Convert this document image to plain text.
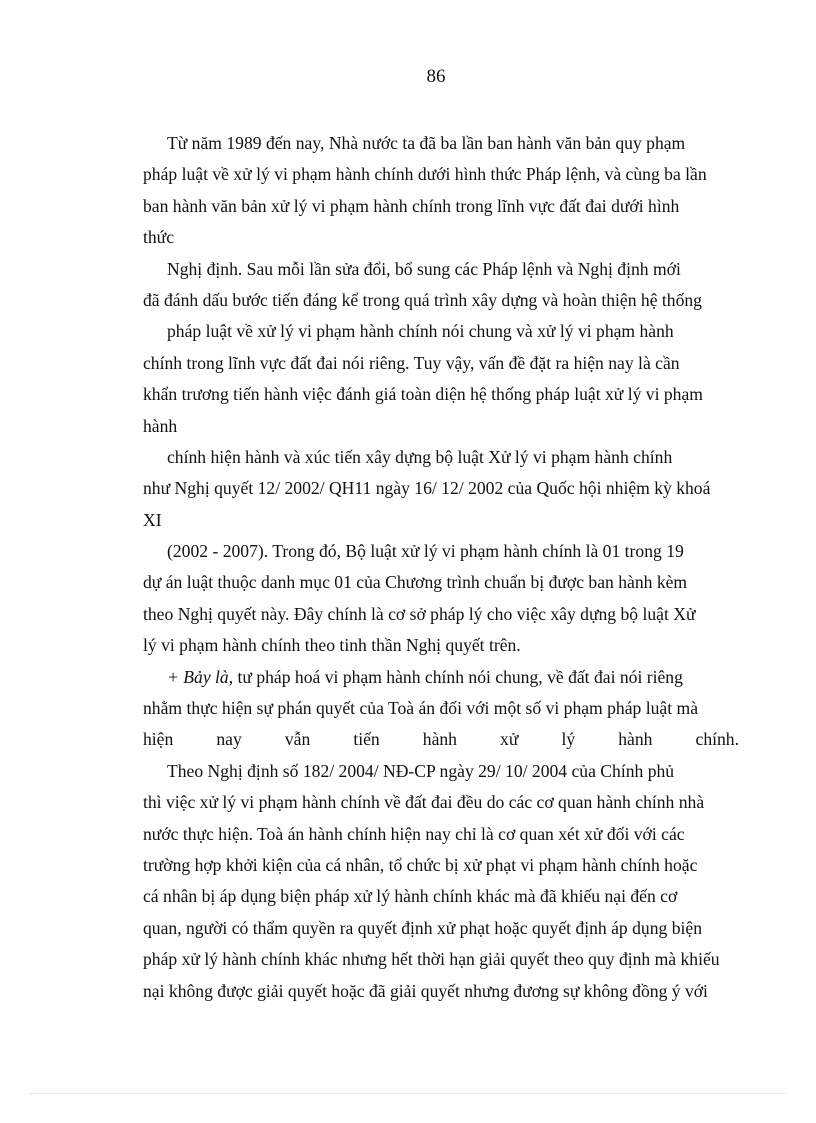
86
Từ năm 1989 đến nay, Nhà nước ta đã ba lần ban hành văn bản quy phạm
pháp luật về xử lý vi phạm hành chính dưới hình thức Pháp lệnh, và cùng ba lần
ban hành văn bản xử lý vi phạm hành chính trong lĩnh vực đất đai dưới hình
thức
Nghị định. Sau mỗi lần sửa đổi, bổ sung các Pháp lệnh và Nghị định mới
đã đánh dấu bước tiến đáng kể trong quá trình xây dựng và hoàn thiện hệ thống
pháp luật về xử lý vi phạm hành chính nói chung và xử lý vi phạm hành
chính trong lĩnh vực đất đai nói riêng. Tuy vậy, vấn đề đặt ra hiện nay là cần
khẩn trương tiến hành việc đánh giá toàn diện hệ thống pháp luật xử lý vi phạm
hành
chính hiện hành và xúc tiến xây dựng bộ luật Xử lý vi phạm hành chính
như Nghị quyết 12/ 2002/ QH11 ngày 16/ 12/ 2002 của Quốc hội nhiệm kỳ khoá
XI
(2002 - 2007). Trong đó, Bộ luật xử lý vi phạm hành chính là 01 trong 19
dự án luật thuộc danh mục 01 của Chương trình chuẩn bị được ban hành kèm
theo Nghị quyết này. Đây chính là cơ sở pháp lý cho việc xây dựng bộ luật Xử
lý vi phạm hành chính theo tinh thần Nghị quyết trên.
+ Bảy là, tư pháp hoá vi phạm hành chính nói chung, về đất đai nói riêng
nhằm thực hiện sự phán quyết của Toà án đối với một số vi phạm pháp luật mà
hiện nay vẫn tiến hành xử lý hành chính.
Theo Nghị định số 182/ 2004/ NĐ-CP ngày 29/ 10/ 2004 của Chính phủ
thì việc xử lý vi phạm hành chính về đất đai đều do các cơ quan hành chính nhà
nước thực hiện. Toà án hành chính hiện nay chỉ là cơ quan xét xử đối với các
trường hợp khởi kiện của cá nhân, tổ chức bị xử phạt vi phạm hành chính hoặc
cá nhân bị áp dụng biện pháp xử lý hành chính khác mà đã khiếu nại đến cơ
quan, người có thẩm quyền ra quyết định xử phạt hoặc quyết định áp dụng biện
pháp xử lý hành chính khác nhưng hết thời hạn giải quyết theo quy định mà khiếu
nại không được giải quyết hoặc đã giải quyết nhưng đương sự không đồng ý với
